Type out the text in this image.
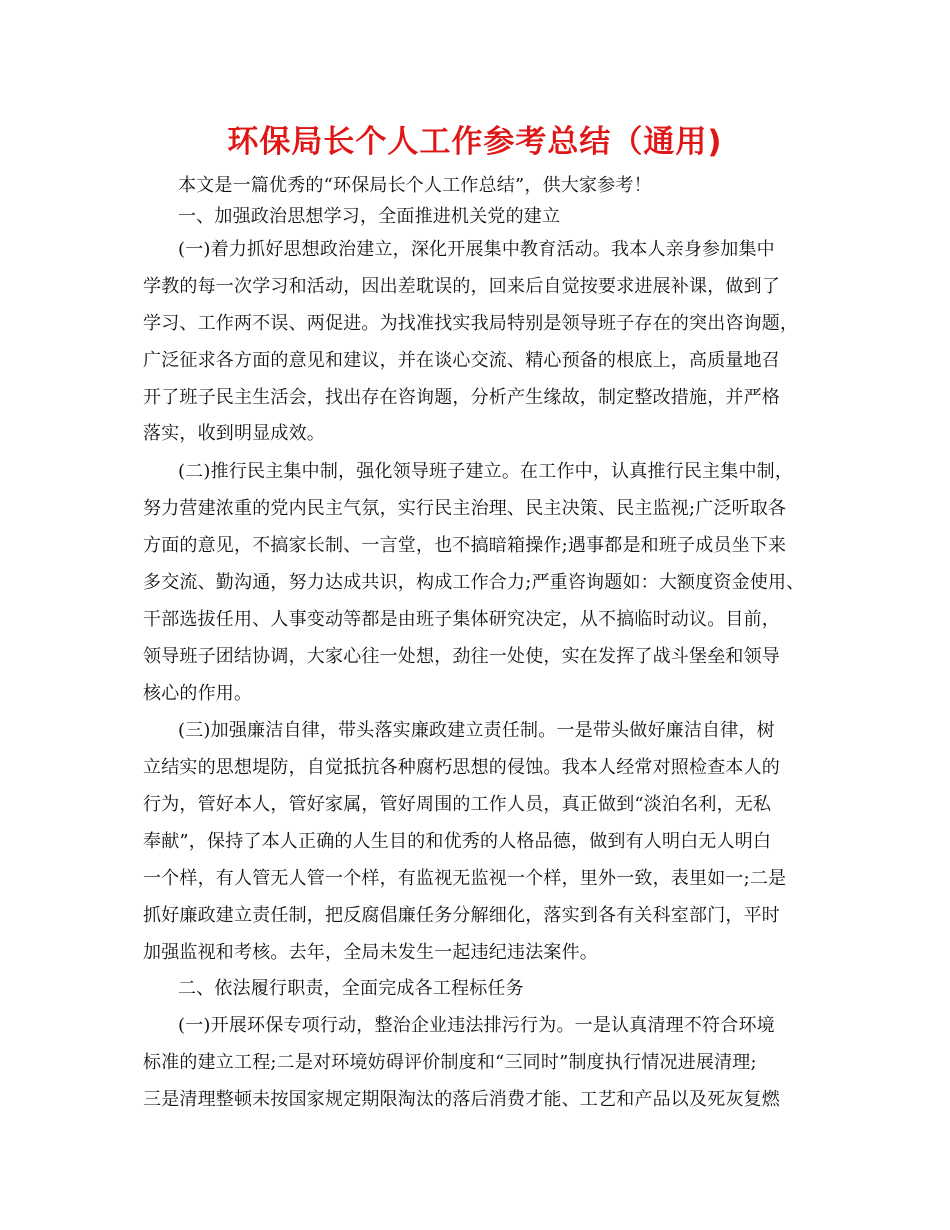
环保局长个人工作参考总结（通用)
本文是一篇优秀的“环保局长个人工作总结”，供大家参考！
一、加强政治思想学习，全面推进机关党的建立
(一)着力抓好思想政治建立，深化开展集中教育活动。我本人亲身参加集中
学教的每一次学习和活动，因出差耽误的，回来后自觉按要求进展补课，做到了
学习、工作两不误、两促进。为找准找实我局特别是领导班子存在的突出咨询题，
广泛征求各方面的意见和建议，并在谈心交流、精心预备的根底上，高质量地召
开了班子民主生活会，找出存在咨询题，分析产生缘故，制定整改措施，并严格
落实，收到明显成效。
(二)推行民主集中制，强化领导班子建立。在工作中，认真推行民主集中制，
努力营建浓重的党内民主气氛，实行民主治理、民主决策、民主监视;广泛听取各
方面的意见，不搞家长制、一言堂，也不搞暗箱操作;遇事都是和班子成员坐下来
多交流、勤沟通，努力达成共识，构成工作合力;严重咨询题如：大额度资金使用、
干部选拔任用、人事变动等都是由班子集体研究决定，从不搞临时动议。目前，
领导班子团结协调，大家心往一处想，劲往一处使，实在发挥了战斗堡垒和领导
核心的作用。
(三)加强廉洁自律，带头落实廉政建立责任制。一是带头做好廉洁自律，树
立结实的思想堤防，自觉抵抗各种腐朽思想的侵蚀。我本人经常对照检查本人的
行为，管好本人，管好家属，管好周围的工作人员，真正做到“淡泊名利，无私
奉献”，保持了本人正确的人生目的和优秀的人格品德，做到有人明白无人明白
一个样，有人管无人管一个样，有监视无监视一个样，里外一致，表里如一;二是
抓好廉政建立责任制，把反腐倡廉任务分解细化，落实到各有关科室部门，平时
加强监视和考核。去年，全局未发生一起违纪违法案件。
二、依法履行职责，全面完成各工程标任务
(一)开展环保专项行动，整治企业违法排污行为。一是认真清理不符合环境
标准的建立工程;二是对环境妨碍评价制度和“三同时”制度执行情况进展清理;
三是清理整顿未按国家规定期限淘汰的落后消费才能、工艺和产品以及死灰复燃
